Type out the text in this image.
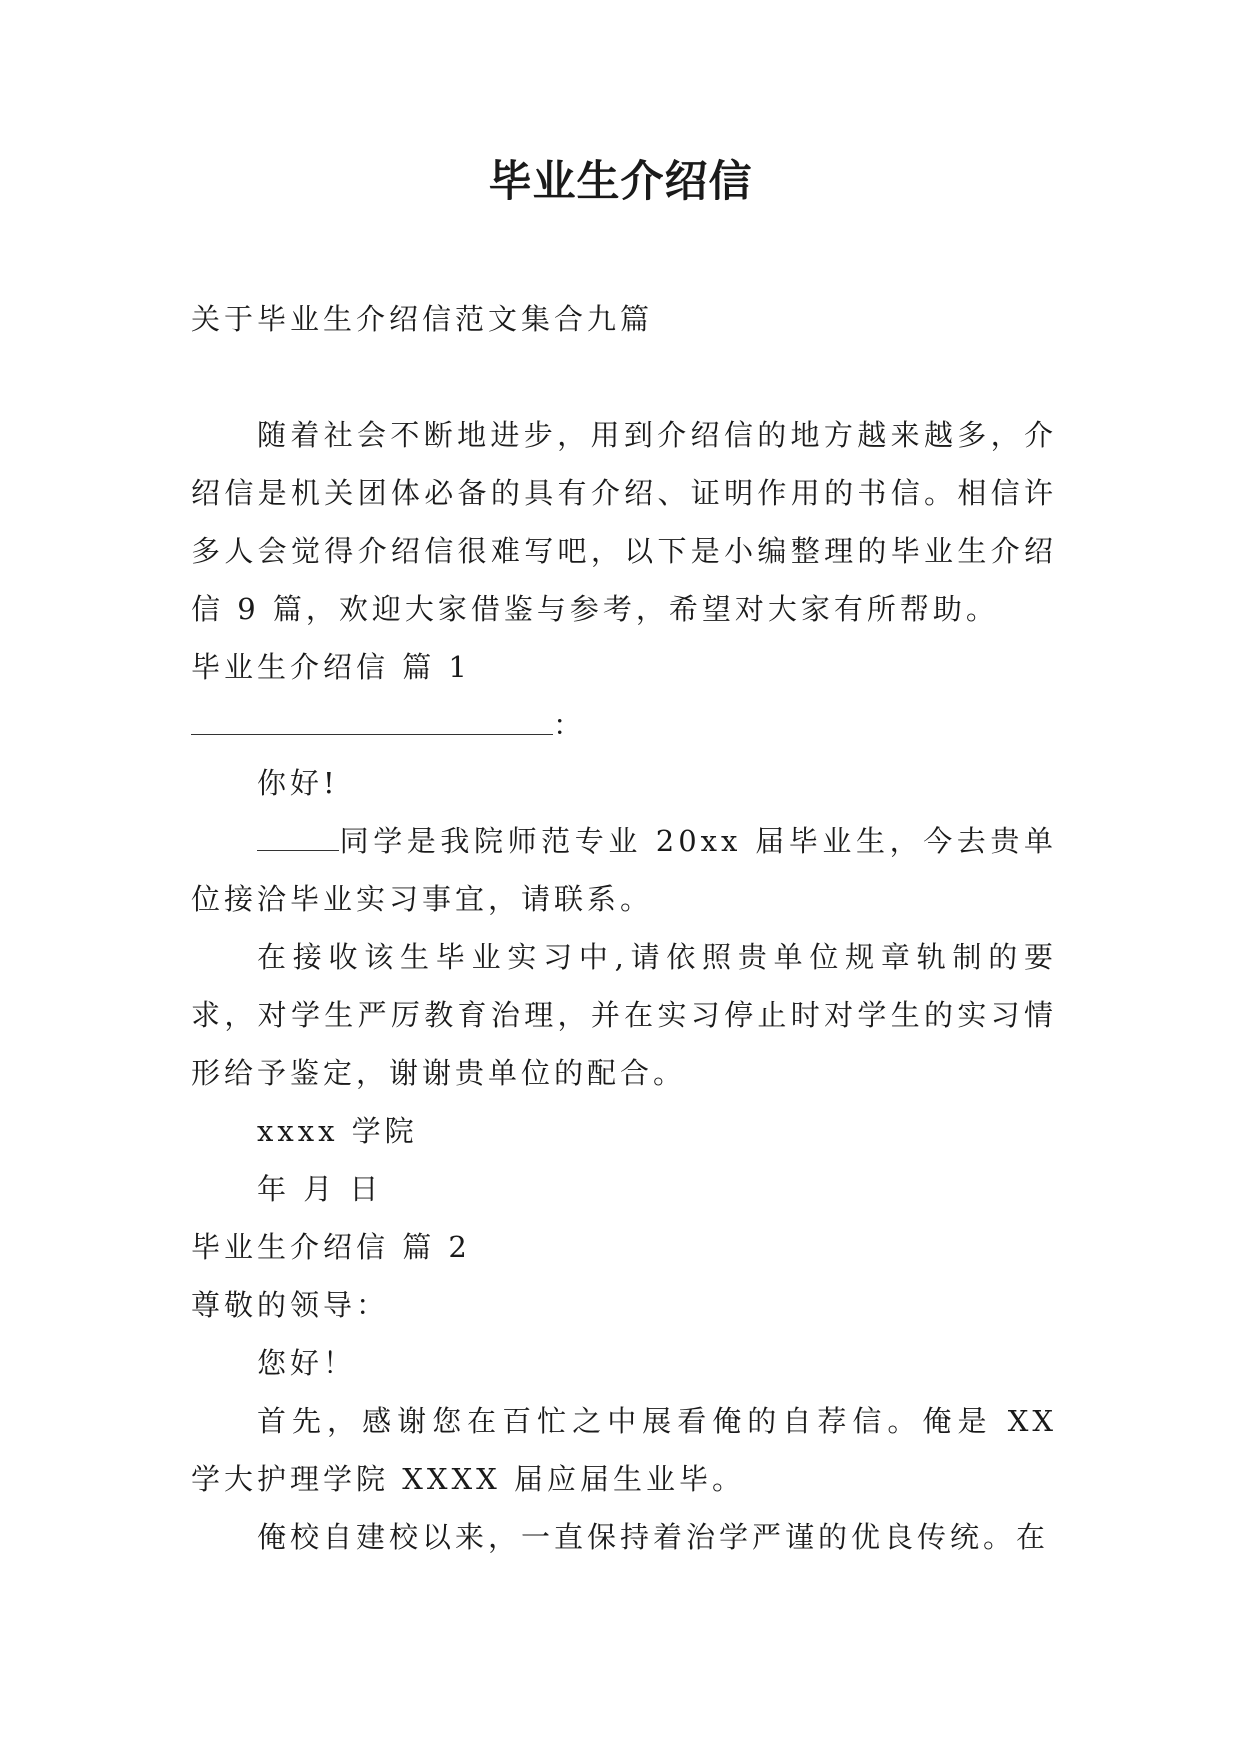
毕业生介绍信

关于毕业生介绍信范文集合九篇

随着社会不断地进步，用到介绍信的地方越来越多，介绍信是机关团体必备的具有介绍、证明作用的书信。相信许多人会觉得介绍信很难写吧，以下是小编整理的毕业生介绍信 9 篇，欢迎大家借鉴与参考，希望对大家有所帮助。

毕业生介绍信 篇 1

：

你好!

同学是我院师范专业 20xx 届毕业生，今去贵单位接洽毕业实习事宜，请联系。

在接收该生毕业实习中,请依照贵单位规章轨制的要求，对学生严厉教育治理，并在实习停止时对学生的实习情形给予鉴定，谢谢贵单位的配合。

xxxx 学院

年 月 日

毕业生介绍信 篇 2

尊敬的领导：

您好！

首先，感谢您在百忙之中展看俺的自荐信。俺是 XX 学大护理学院 XXXX 届应届生业毕。

俺校自建校以来，一直保持着治学严谨的优良传统。在
